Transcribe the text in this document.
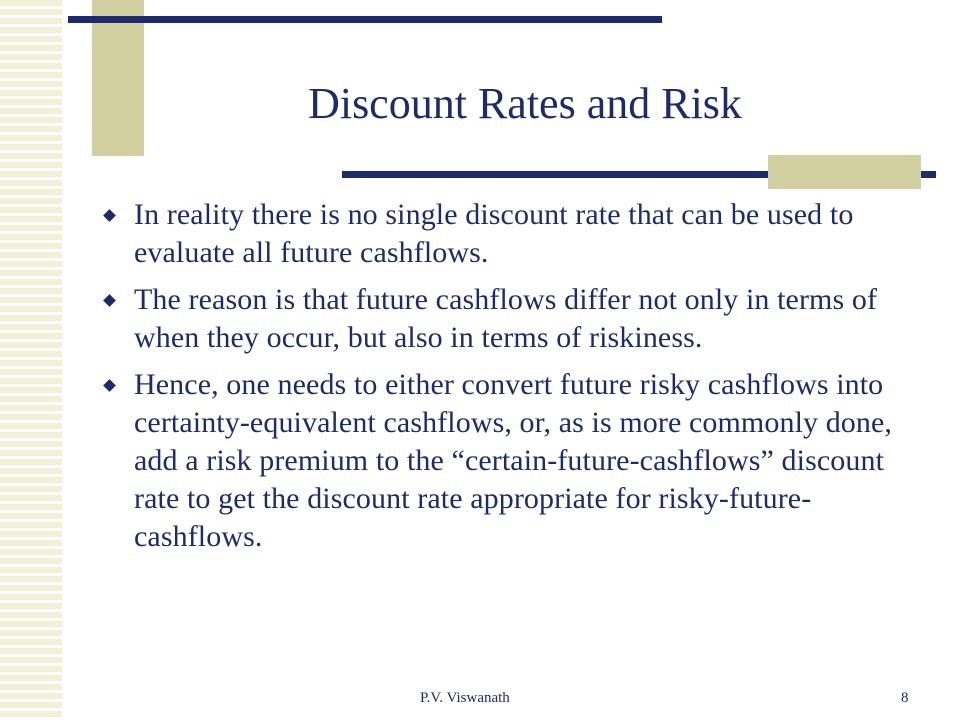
Discount Rates and Risk
In reality there is no single discount rate that can be used to evaluate all future cashflows.
The reason is that future cashflows differ not only in terms of when they occur, but also in terms of riskiness.
Hence, one needs to either convert future risky cashflows into certainty-equivalent cashflows, or, as is more commonly done, add a risk premium to the “certain-future-cashflows” discount rate to get the discount rate appropriate for risky-future-cashflows.
P.V. Viswanath	8
